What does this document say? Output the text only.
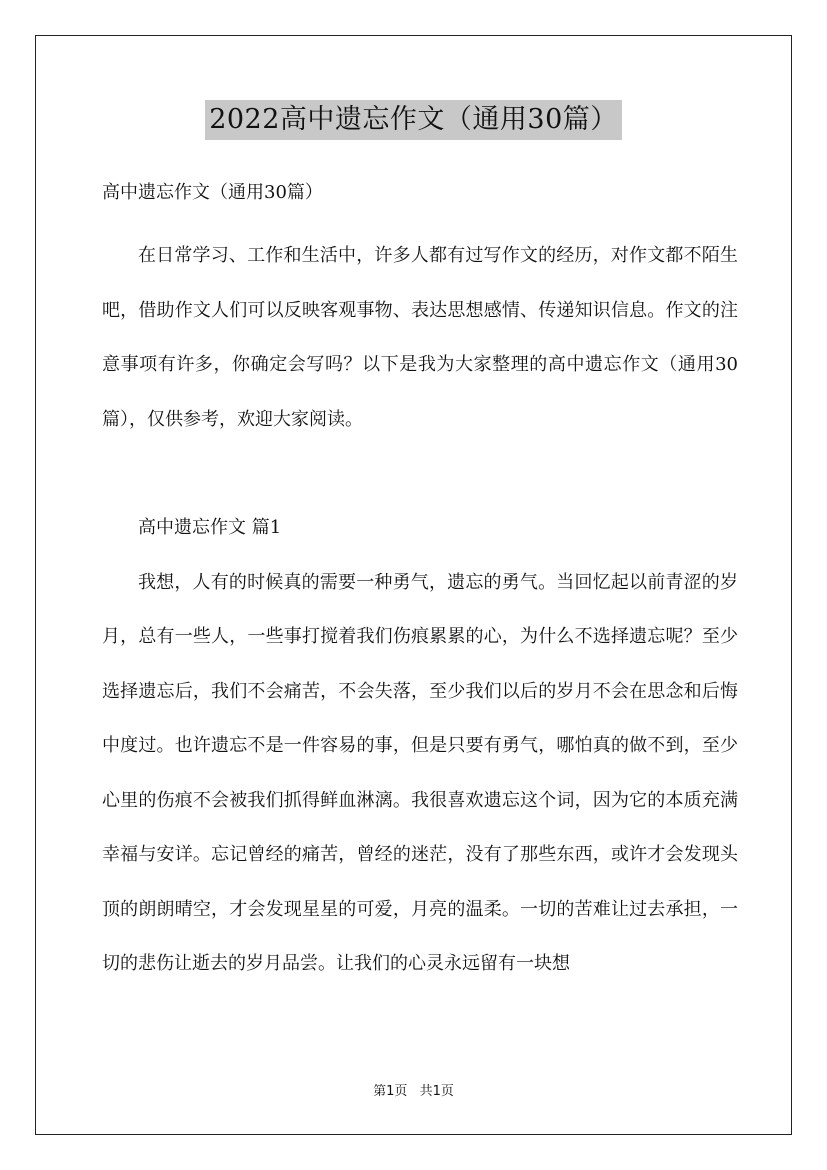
2022高中遗忘作文（通用30篇）
高中遗忘作文（通用30篇）

在日常学习、工作和生活中，许多人都有过写作文的经历，对作文都不陌生吧，借助作文人们可以反映客观事物、表达思想感情、传递知识信息。作文的注意事项有许多，你确定会写吗？以下是我为大家整理的高中遗忘作文（通用30篇），仅供参考，欢迎大家阅读。

高中遗忘作文 篇1

我想，人有的时候真的需要一种勇气，遗忘的勇气。当回忆起以前青涩的岁月，总有一些人，一些事打搅着我们伤痕累累的心，为什么不选择遗忘呢？至少选择遗忘后，我们不会痛苦，不会失落，至少我们以后的岁月不会在思念和后悔中度过。也许遗忘不是一件容易的事，但是只要有勇气，哪怕真的做不到，至少心里的伤痕不会被我们抓得鲜血淋漓。我很喜欢遗忘这个词，因为它的本质充满幸福与安详。忘记曾经的痛苦，曾经的迷茫，没有了那些东西，或许才会发现头顶的朗朗晴空，才会发现星星的可爱，月亮的温柔。一切的苦难让过去承担，一切的悲伤让逝去的岁月品尝。让我们的心灵永远留有一块想

第1页 共1页
